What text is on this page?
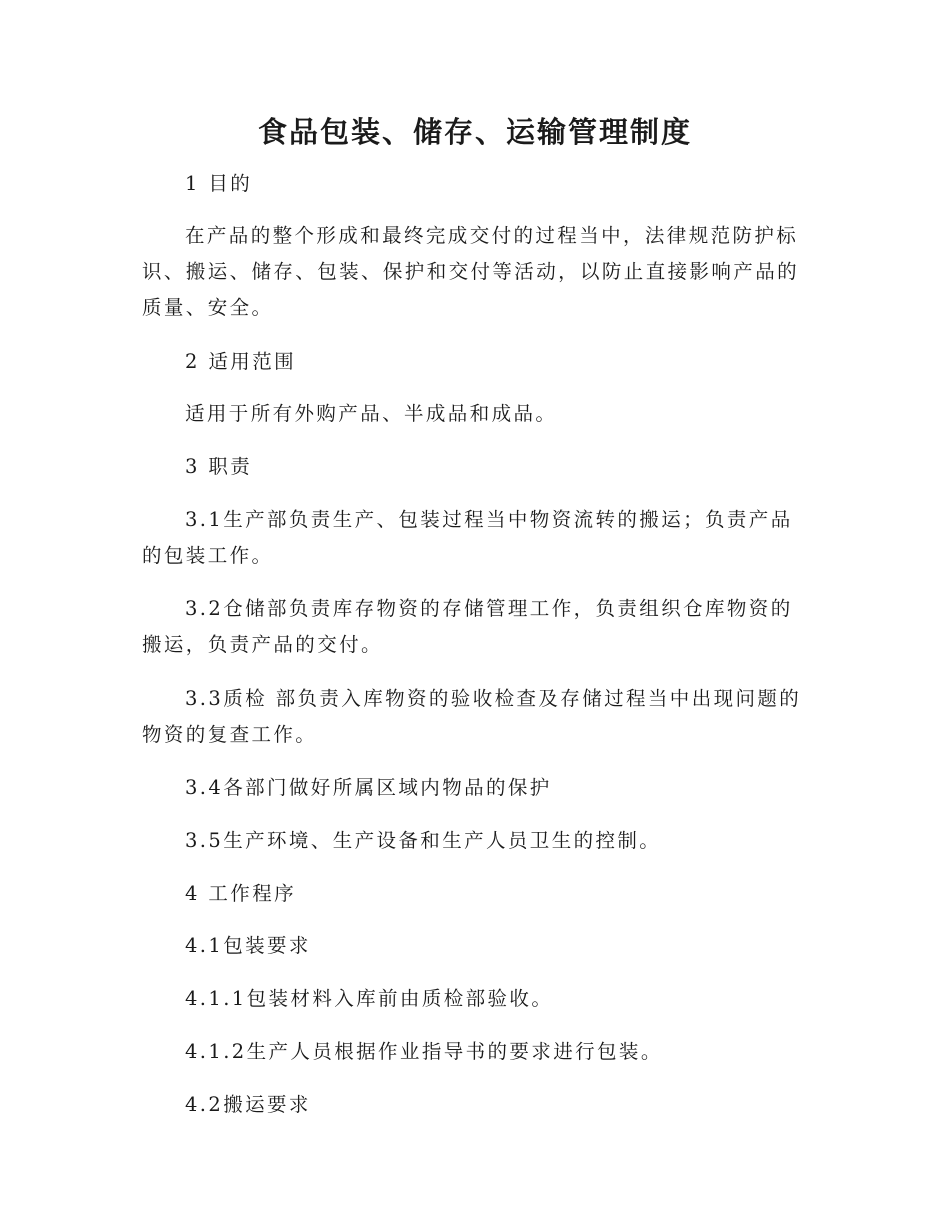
食品包装、储存、运输管理制度

1 目的

在产品的整个形成和最终完成交付的过程当中，法律规范防护标识、搬运、储存、包装、保护和交付等活动，以防止直接影响产品的质量、安全。

2 适用范围

适用于所有外购产品、半成品和成品。

3 职责

3.1生产部负责生产、包装过程当中物资流转的搬运；负责产品的包装工作。

3.2仓储部负责库存物资的存储管理工作，负责组织仓库物资的搬运，负责产品的交付。

3.3质检 部负责入库物资的验收检查及存储过程当中出现问题的物资的复查工作。

3.4各部门做好所属区域内物品的保护

3.5生产环境、生产设备和生产人员卫生的控制。

4 工作程序

4.1包装要求

4.1.1包装材料入库前由质检部验收。

4.1.2生产人员根据作业指导书的要求进行包装。

4.2搬运要求
